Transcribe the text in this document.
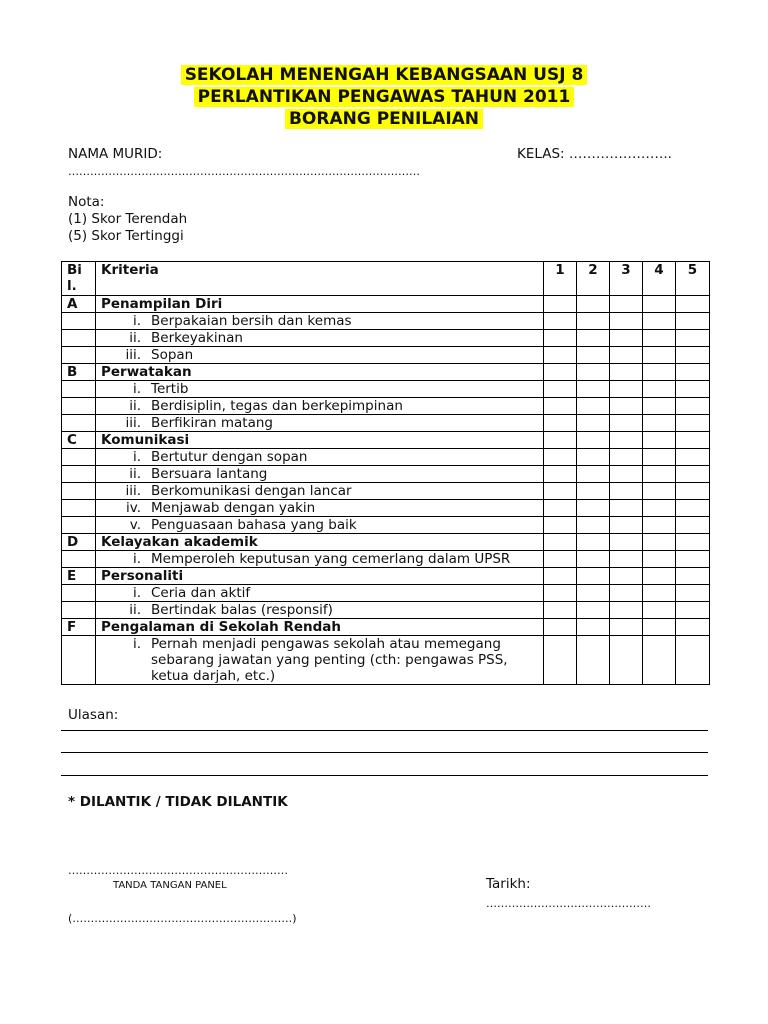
SEKOLAH MENENGAH KEBANGSAAN USJ 8
PERLANTIKAN PENGAWAS TAHUN 2011
BORANG PENILAIAN
NAMA MURID:	KELAS: …………………..
……………………………………………………………………………………
Nota:
(1) Skor Terendah
(5) Skor Tertinggi
Bi l.	Kriteria	1	2	3	4	5
A	Penampilan Diri					

	i. Berpakaian bersih dan kemas					

	ii. Berkeyakinan					

	iii. Sopan					

B	Perwatakan					

	i. Tertib					

	ii. Berdisiplin, tegas dan berkepimpinan					

	iii. Berfikiran matang					

C	Komunikasi					

	i. Bertutur dengan sopan					

	ii. Bersuara lantang					

	iii. Berkomunikasi dengan lancar					

	iv. Menjawab dengan yakin					

	v. Penguasaan bahasa yang baik					

D	Kelayakan akademik					

	i. Memperoleh keputusan yang cemerlang dalam UPSR					

E	Personaliti					

	i. Ceria dan aktif					

	ii. Bertindak balas (responsif)					

F	Pengalaman di Sekolah Rendah					

	i. Pernah menjadi pengawas sekolah atau memegang sebarang jawatan yang penting (cth: pengawas PSS, ketua darjah, etc.)					

Ulasan:
* DILANTIK / TIDAK DILANTIK
……………………………………………………
TANDA TANGAN PANEL
(……………………………………………………)
Tarikh:
………………………………………
